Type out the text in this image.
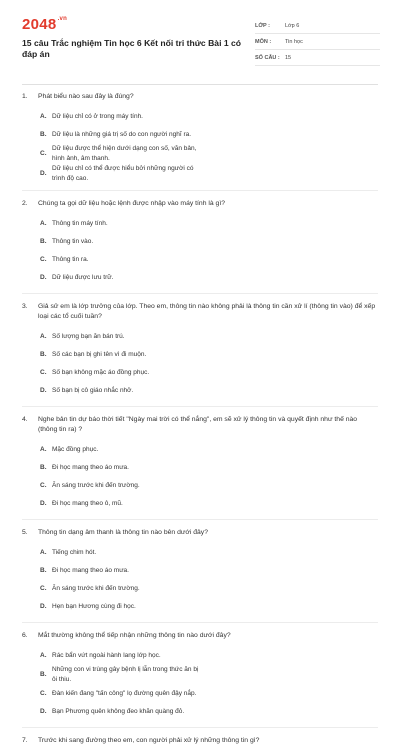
$2048^{.vn}$
15 câu Trắc nghiệm Tin học 6 Kết nối tri thức Bài 1 có đáp án
LỚP :	Lớp 6
MÔN :	Tin học
SỐ CÂU : 15
1.	Phát biểu nào sau đây là đúng?
A. Dữ liệu chỉ có ở trong máy tính.
B. Dữ liệu là những giá trị số do con người nghĩ ra.
C.
Dữ liệu được thể hiện dưới dạng con số, văn bản, hình ảnh, âm thanh.
D.
Dữ liệu chỉ có thể được hiểu bởi những người có trình độ cao.
2.	Chúng ta gọi dữ liệu hoặc lệnh được nhập vào máy tính là gì?
A. Thông tin máy tính.
B. Thông tin vào.
C. Thông tin ra.
D. Dữ liệu được lưu trữ.
3.	Giả sử em là lớp trưởng của lớp. Theo em, thông tin nào không phải là thông tin cần xử lí (thông tin vào) để xếp loại các tổ cuối tuần?
A. Số lượng bạn ăn bán trú.
B. Số các bạn bị ghi tên vì đi muộn.
C. Số bạn không mặc áo đồng phục.
D. Số bạn bị cô giáo nhắc nhở.
4.	Nghe bản tin dự báo thời tiết "Ngày mai trời có thể nắng", em sẽ xử lý thông tin và quyết định như thế nào (thông tin ra) ?
A. Mặc đồng phục.
B. Đi học mang theo áo mưa.
C. Ăn sáng trước khi đến trường.
D. Đi học mang theo ô, mũ.
5.	Thông tin dạng âm thanh là thông tin nào bên dưới đây?
A. Tiếng chim hót.
B. Đi học mang theo áo mưa.
C. Ăn sáng trước khi đến trường.
D. Hẹn bạn Hương cùng đi học.
6.	Mắt thường không thể tiếp nhận những thông tin nào dưới đây?
A. Rác bẩn vứt ngoài hành lang lớp học.
B.
Những con vi trùng gây bệnh lị lẫn trong thức ăn bị ôi thiu.
C. Đàn kiến đang "tấn công" lọ đường quên đậy nắp.
D. Bạn Phương quên không đeo khăn quàng đỏ.
7.	Trước khi sang đường theo em, con người phải xử lý những thông tin gì?
